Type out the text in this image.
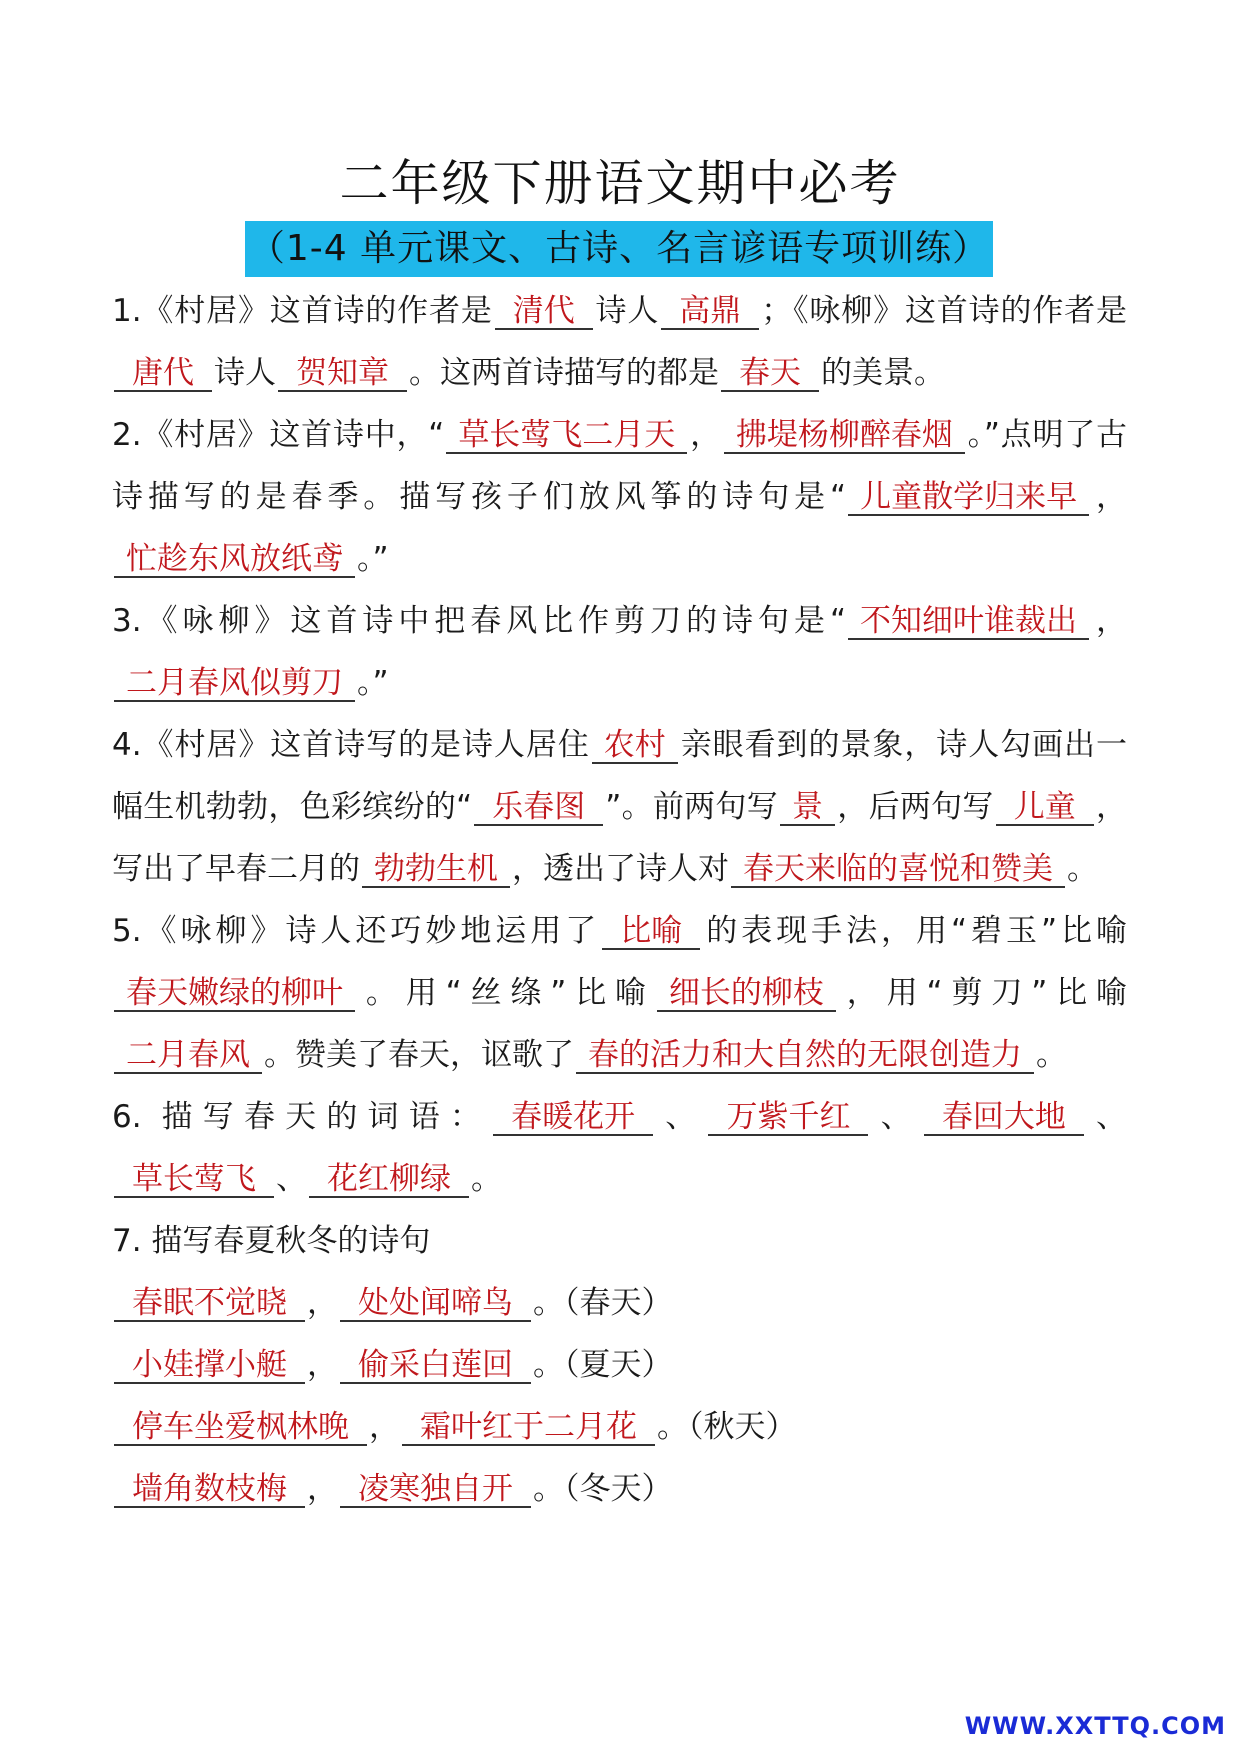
二年级下册语文期中必考
（1-4 单元课文、古诗、名言谚语专项训练）

1.《村居》这首诗的作者是 清代 诗人 高鼎 ；《咏柳》这首诗的作者是唐代 诗人 贺知章 。这两首诗描写的都是 春天 的美景。

2.《村居》这首诗中，“ 草长莺飞二月天 ， 拂堤杨柳醉春烟 。”点明了古诗描写的是春季。描写孩子们放风筝的诗句是“ 儿童散学归来早 ，忙趁东风放纸鸢 。”

3.《咏柳》这首诗中把春风比作剪刀的诗句是“ 不知细叶谁裁出 ，二月春风似剪刀 。”

4.《村居》这首诗写的是诗人居住 农村 亲眼看到的景象，诗人勾画出一幅生机勃勃，色彩缤纷的“ 乐春图 ”。前两句写 景 ，后两句写 儿童 ，写出了早春二月的 勃勃生机 ，透出了诗人对 春天来临的喜悦和赞美 。

5.《咏柳》诗人还巧妙地运用了 比喻 的表现手法，用“碧玉”比喻春天嫩绿的柳叶 。用“丝绦”比喻 细长的柳枝 ，用“剪刀”比喻二月春风 。赞美了春天，讴歌了 春的活力和大自然的无限创造力 。

6. 描写春天的词语： 春暖花开 、 万紫千红 、 春回大地 、草长莺飞 、 花红柳绿 。

7. 描写春夏秋冬的诗句

春眠不觉晓 ， 处处闻啼鸟 。（春天）

小娃撑小艇 ， 偷采白莲回 。（夏天）

停车坐爱枫林晚 ， 霜叶红于二月花 。（秋天）

墙角数枝梅 ， 凌寒独自开 。（冬天）

WWW.XXTTQ.COM
